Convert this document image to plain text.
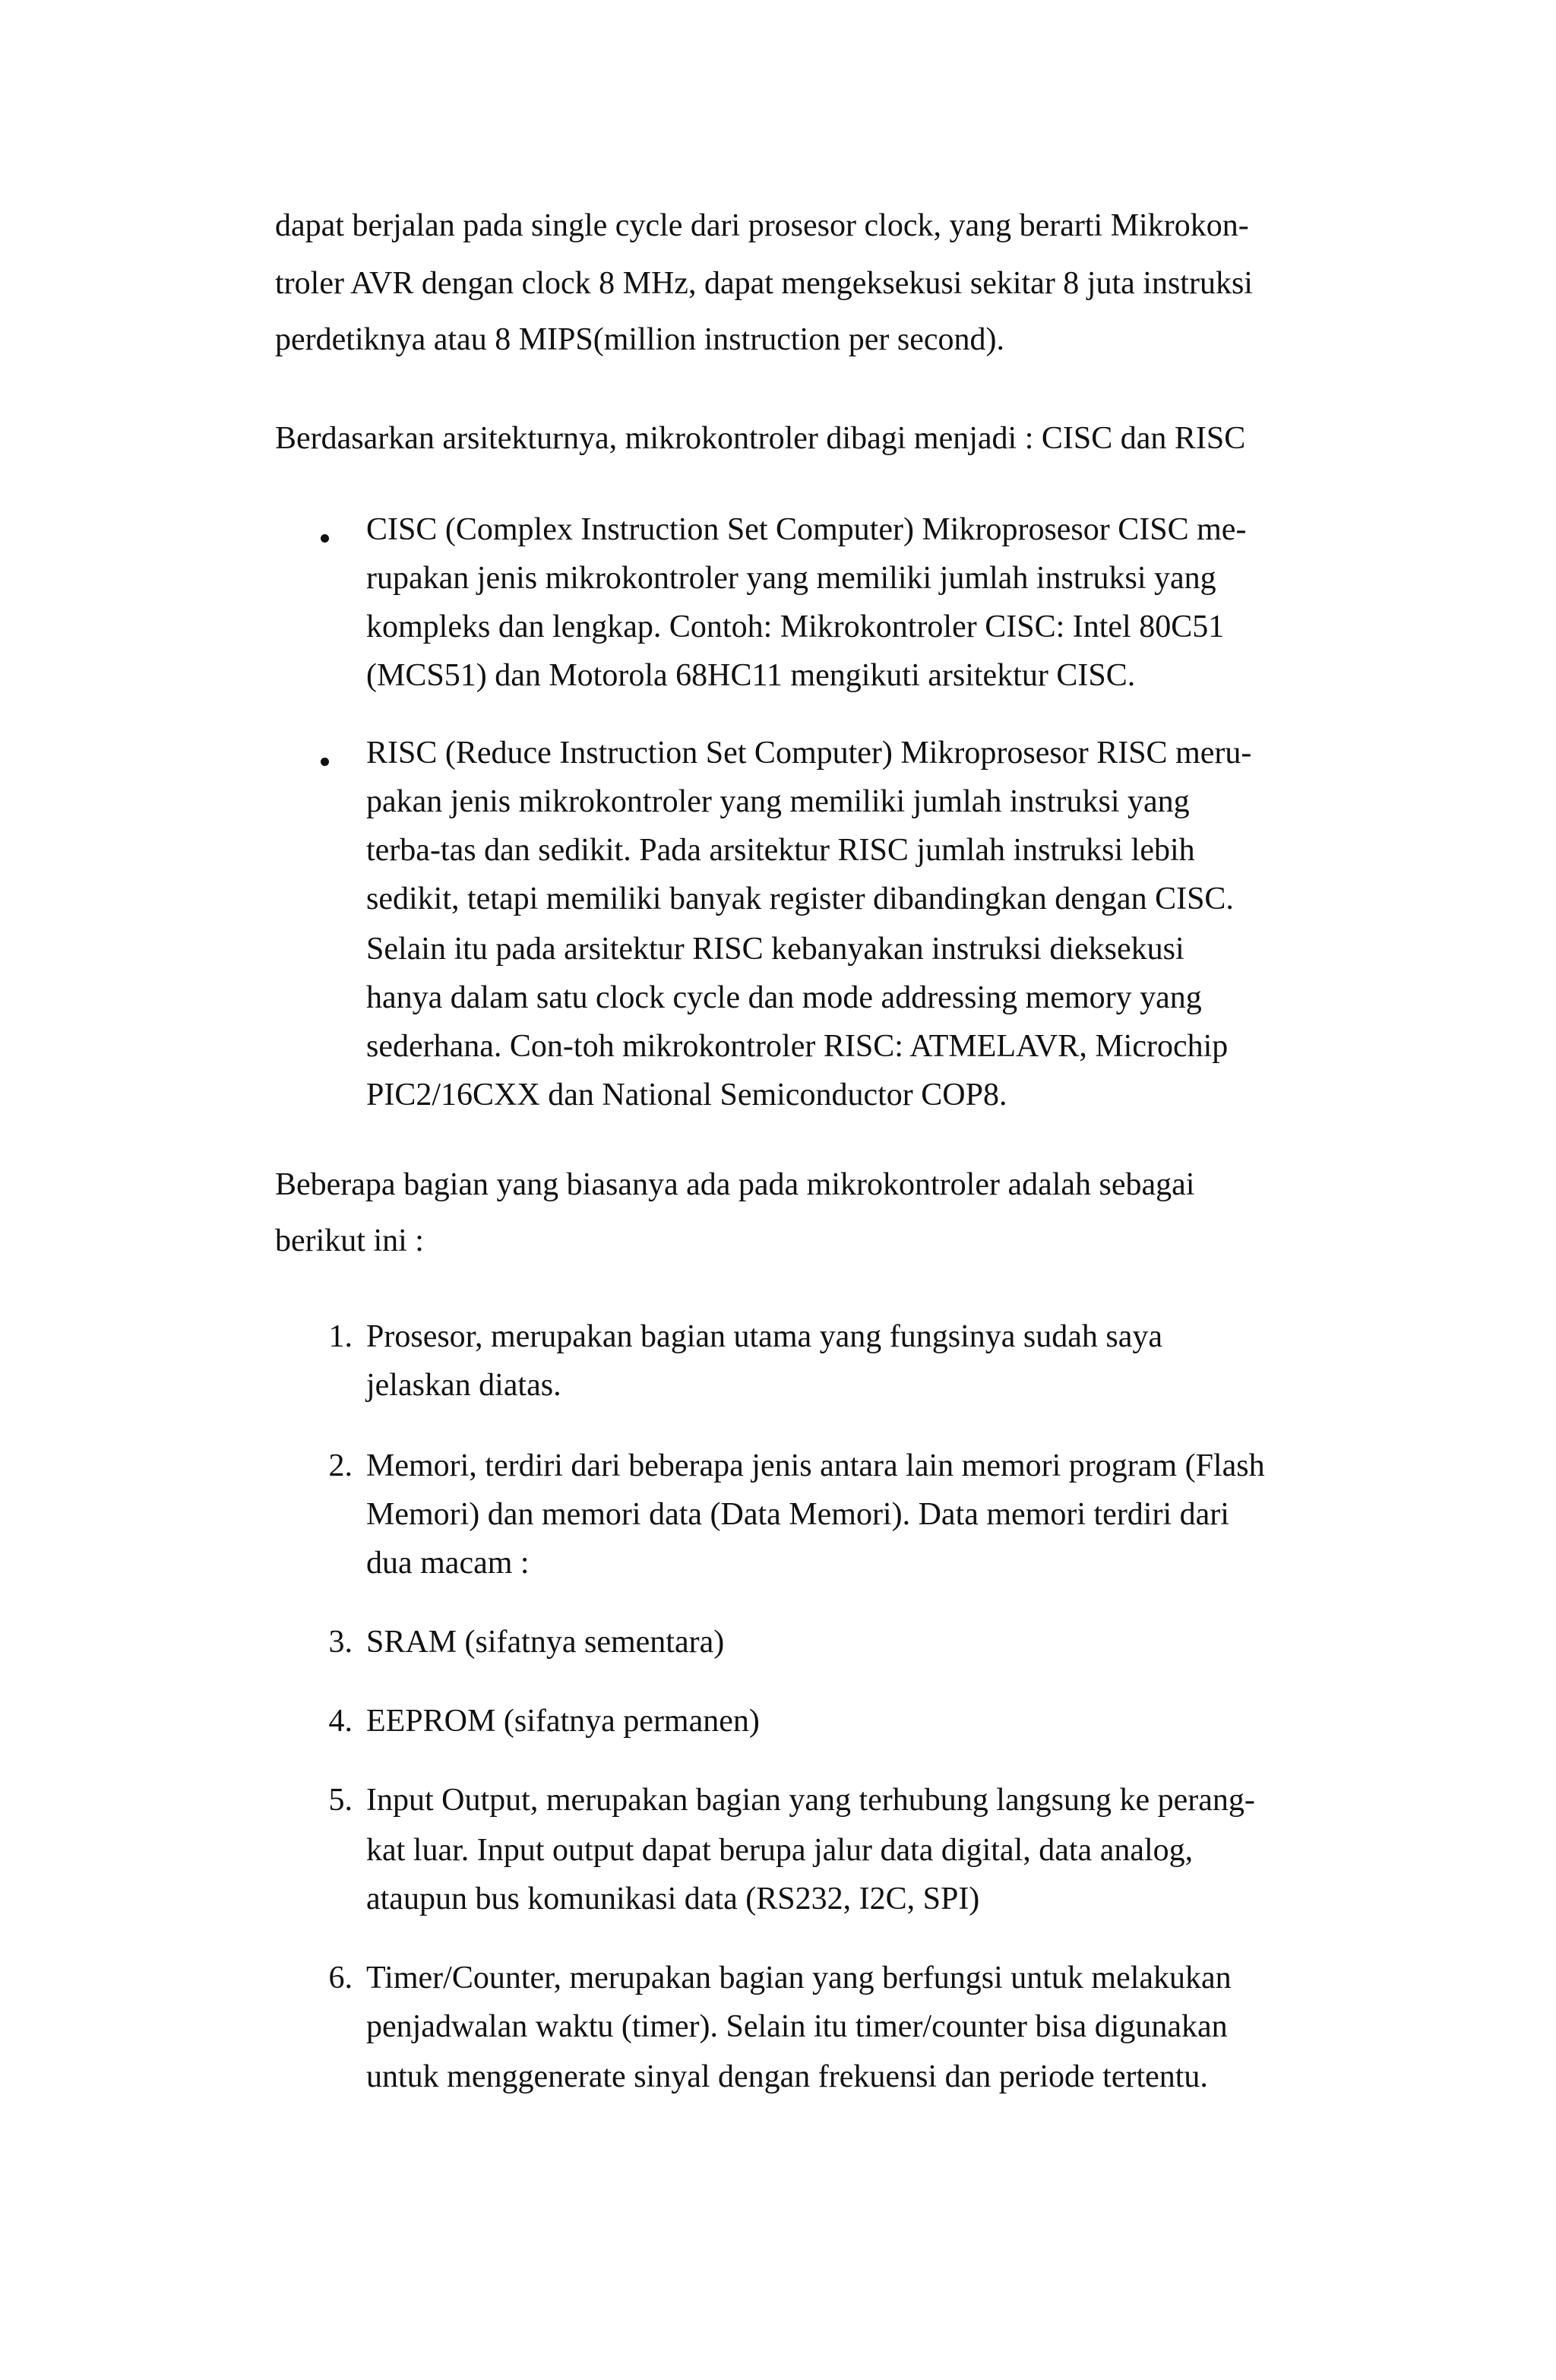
dapat berjalan pada single cycle dari prosesor clock, yang berarti Mikrokon-
troler AVR dengan clock 8 MHz, dapat mengeksekusi sekitar 8 juta instruksi
perdetiknya atau 8 MIPS(million instruction per second).
Berdasarkan arsitekturnya, mikrokontroler dibagi menjadi : CISC dan RISC
CISC (Complex Instruction Set Computer) Mikroprosesor CISC me-
rupakan jenis mikrokontroler yang memiliki jumlah instruksi yang
kompleks dan lengkap. Contoh: Mikrokontroler CISC: Intel 80C51
(MCS51) dan Motorola 68HC11 mengikuti arsitektur CISC.
RISC (Reduce Instruction Set Computer) Mikroprosesor RISC meru-
pakan jenis mikrokontroler yang memiliki jumlah instruksi yang
terba-tas dan sedikit. Pada arsitektur RISC jumlah instruksi lebih
sedikit, tetapi memiliki banyak register dibandingkan dengan CISC.
Selain itu pada arsitektur RISC kebanyakan instruksi dieksekusi
hanya dalam satu clock cycle dan mode addressing memory yang
sederhana. Con-toh mikrokontroler RISC: ATMELAVR, Microchip
PIC2/16CXX dan National Semiconductor COP8.
Beberapa bagian yang biasanya ada pada mikrokontroler adalah sebagai
berikut ini :
1. Prosesor, merupakan bagian utama yang fungsinya sudah saya
jelaskan diatas.
2. Memori, terdiri dari beberapa jenis antara lain memori program (Flash
Memori) dan memori data (Data Memori). Data memori terdiri dari
dua macam :
3. SRAM (sifatnya sementara)
4. EEPROM (sifatnya permanen)
5. Input Output, merupakan bagian yang terhubung langsung ke perang-
kat luar. Input output dapat berupa jalur data digital, data analog,
ataupun bus komunikasi data (RS232, I2C, SPI)
6. Timer/Counter, merupakan bagian yang berfungsi untuk melakukan
penjadwalan waktu (timer). Selain itu timer/counter bisa digunakan
untuk menggenerate sinyal dengan frekuensi dan periode tertentu.
